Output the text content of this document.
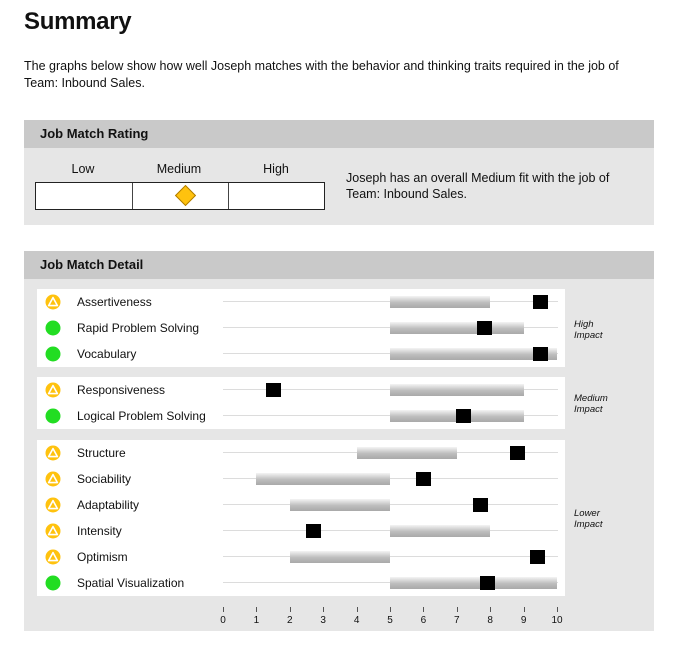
Summary
The graphs below show how well Joseph matches with the behavior and thinking traits required in the job of Team: Inbound Sales.
Job Match Rating
Low	Medium	High
Joseph has an overall Medium fit with the job of Team: Inbound Sales.
Job Match Detail
Assertiveness
Rapid Problem Solving
Vocabulary
Responsiveness
Logical Problem Solving
Structure
Sociability
Adaptability
Intensity
Optimism
Spatial Visualization
0	1	2	3	4	5	6	7	8	9	10
High
Impact
Medium
Impact
Lower
Impact
